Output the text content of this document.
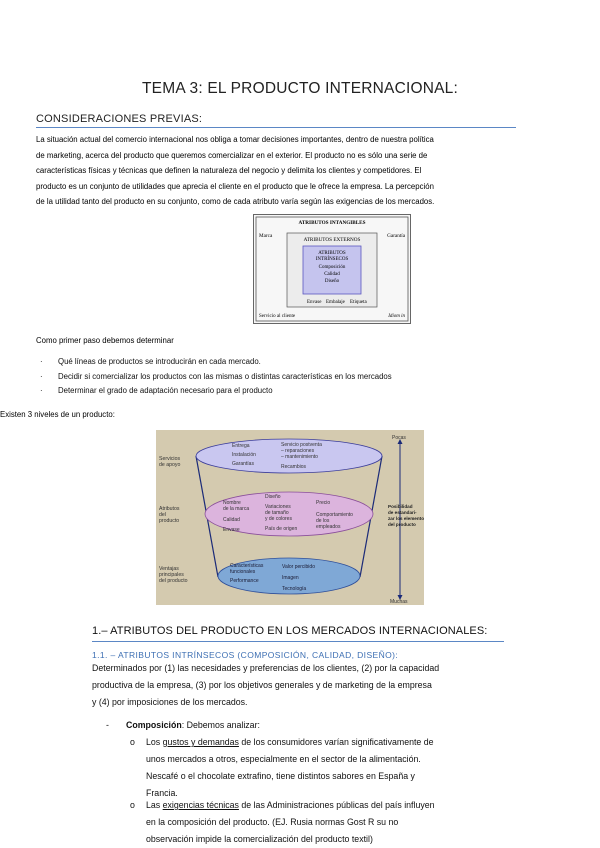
TEMA 3: EL PRODUCTO INTERNACIONAL:
CONSIDERACIONES PREVIAS:
La situación actual del comercio internacional nos obliga a tomar decisiones importantes, dentro de nuestra política
de marketing, acerca del producto que queremos comercializar en el exterior. El producto no es sólo una serie de
características físicas y técnicas que definen la naturaleza del negocio y delimita los clientes y competidores. El
producto es un conjunto de utilidades que aprecia el cliente en el producto que le ofrece la empresa. La percepción
de la utilidad tanto del producto en su conjunto, como de cada atributo varía según las exigencias de los mercados.
ATRIBUTOS INTANGIBLES
Marca	Garantía
ATRIBUTOS EXTERNOS
ATRIBUTOS
INTRÍNSECOS
Composición
Calidad
Diseño
Envase Embalaje Etiqueta
Servicio al cliente	Idiom in
Como primer paso debemos determinar
· Qué líneas de productos se introducirán en cada mercado.
· Decidir si comercializar los productos con las mismas o distintas características en los mercados
· Determinar el grado de adaptación necesario para el producto
Existen 3 niveles de un producto:
Servicios de apoyo
Atributos del producto
Ventajas principales del producto
Entrega Instalación Garantías
Servicio postventa – reparaciones – mantenimiento Recambios
Nombre de la marca Calidad Envase
Diseño Variaciones de tamaño y de colores País de origen
Precio Comportamiento de los empleados
Características funcionales Performance
Valor percibido Imagen Tecnología
Pocas
Muchas
Posibilidad de estandari- zar los elementos del producto
1.– ATRIBUTOS DEL PRODUCTO EN LOS MERCADOS INTERNACIONALES:
1.1. – ATRIBUTOS INTRÍNSECOS (COMPOSICIÓN, CALIDAD, DISEÑO):
Determinados por (1) las necesidades y preferencias de los clientes, (2) por la capacidad
productiva de la empresa, (3) por los objetivos generales y de marketing de la empresa
y (4) por imposiciones de los mercados.
- Composición: Debemos analizar:
o Los gustos y demandas de los consumidores varían significativamente de
unos mercados a otros, especialmente en el sector de la alimentación.
Nescafé o el chocolate extrafino, tiene distintos sabores en España y
Francia.
o Las exigencias técnicas de las Administraciones públicas del país influyen
en la composición del producto. (EJ. Rusia normas Gost R su no
observación impide la comercialización del producto textil)
